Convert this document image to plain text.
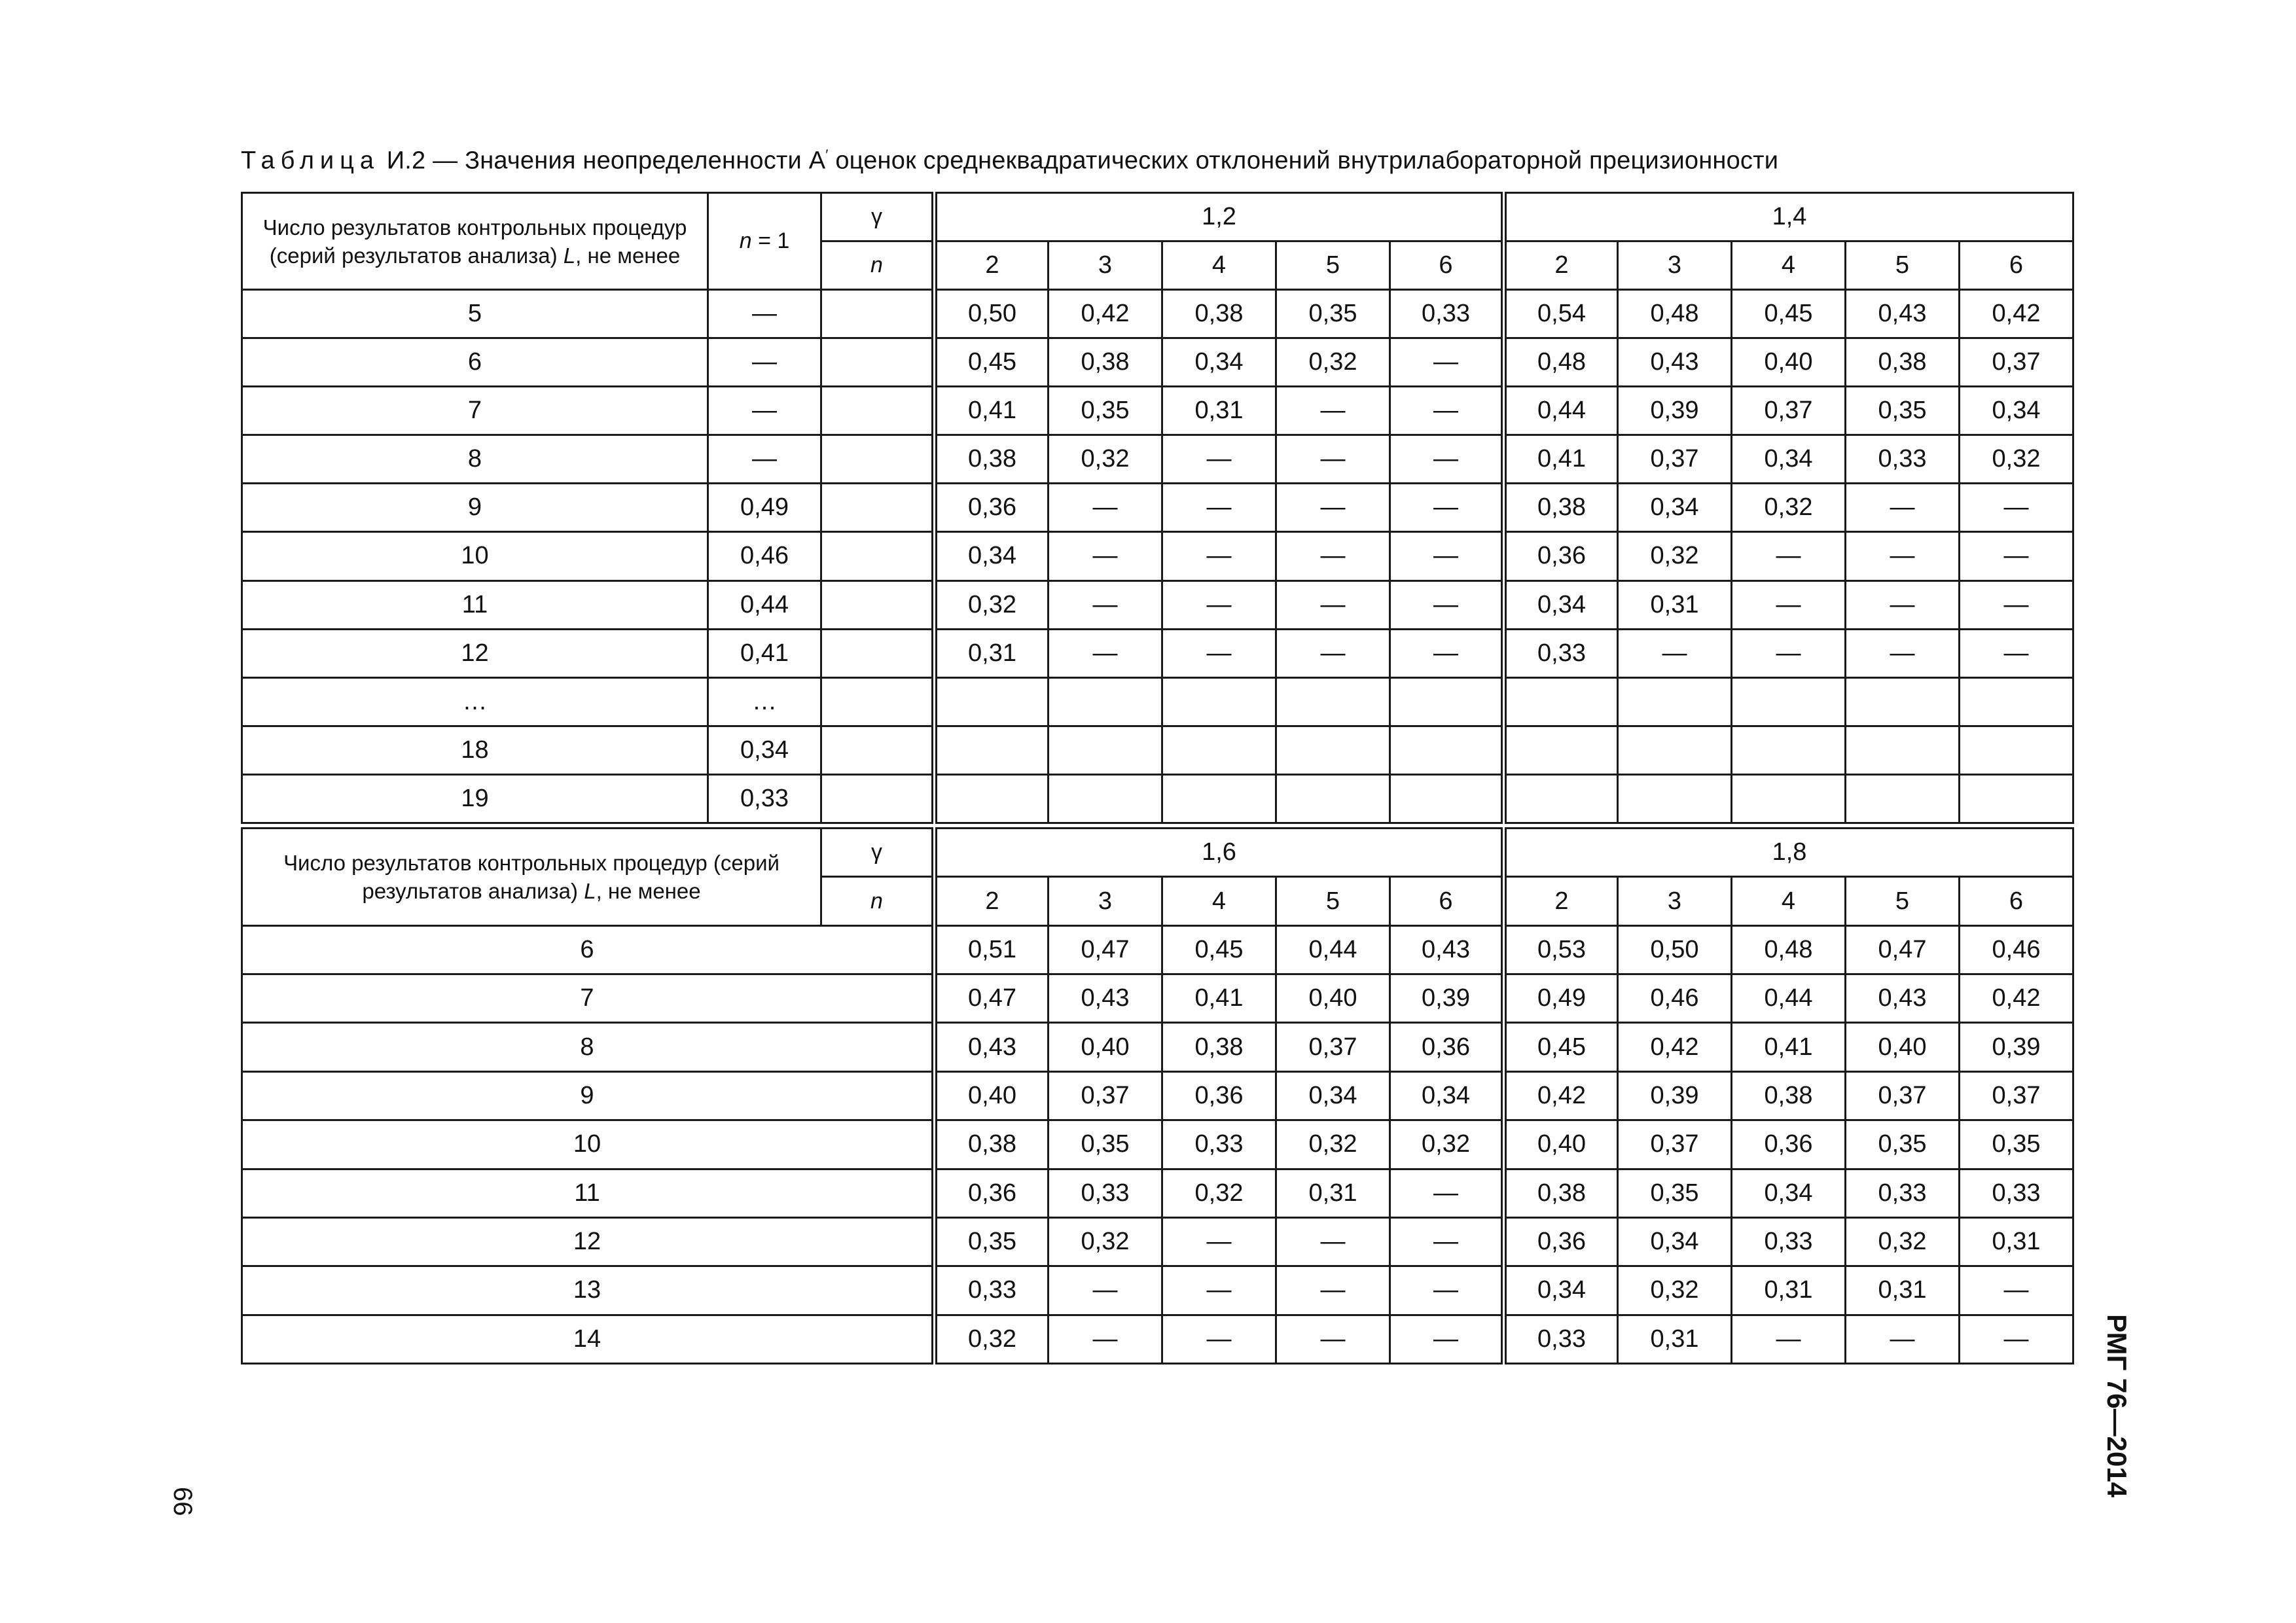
Таблица И.2 — Значения неопределенности A′ оценок среднеквадратических отклонений внутрилабораторной прецизионности
Число результатов контрольных процедур (серий результатов анализа) L, не менее	n = 1	γ	1,2					1,4				
		n	2	3	4	5	6	2	3	4	5	6
5	—		0,50	0,42	0,38	0,35	0,33	0,54	0,48	0,45	0,43	0,42
6	—		0,45	0,38	0,34	0,32	—	0,48	0,43	0,40	0,38	0,37
7	—		0,41	0,35	0,31	—	—	0,44	0,39	0,37	0,35	0,34
8	—		0,38	0,32	—	—	—	0,41	0,37	0,34	0,33	0,32
9	0,49		0,36	—	—	—	—	0,38	0,34	0,32	—	—
10	0,46		0,34	—	—	—	—	0,36	0,32	—	—	—
11	0,44		0,32	—	—	—	—	0,34	0,31	—	—	—
12	0,41		0,31	—	—	—	—	0,33	—	—	—	—
…	…											
18	0,34											
19	0,33											
Число результатов контрольных процедур (серий результатов анализа) L, не менее	γ	1,6					1,8				
	n	2	3	4	5	6	2	3	4	5	6
6		0,51	0,47	0,45	0,44	0,43	0,53	0,50	0,48	0,47	0,46
7		0,47	0,43	0,41	0,40	0,39	0,49	0,46	0,44	0,43	0,42
8		0,43	0,40	0,38	0,37	0,36	0,45	0,42	0,41	0,40	0,39
9		0,40	0,37	0,36	0,34	0,34	0,42	0,39	0,38	0,37	0,37
10		0,38	0,35	0,33	0,32	0,32	0,40	0,37	0,36	0,35	0,35
11		0,36	0,33	0,32	0,31	—	0,38	0,35	0,34	0,33	0,33
12		0,35	0,32	—	—	—	0,36	0,34	0,33	0,32	0,31
13		0,33	—	—	—	—	0,34	0,32	0,31	0,31	—
14		0,32	—	—	—	—	0,33	0,31	—	—	—	РМГ 76—2014
66
